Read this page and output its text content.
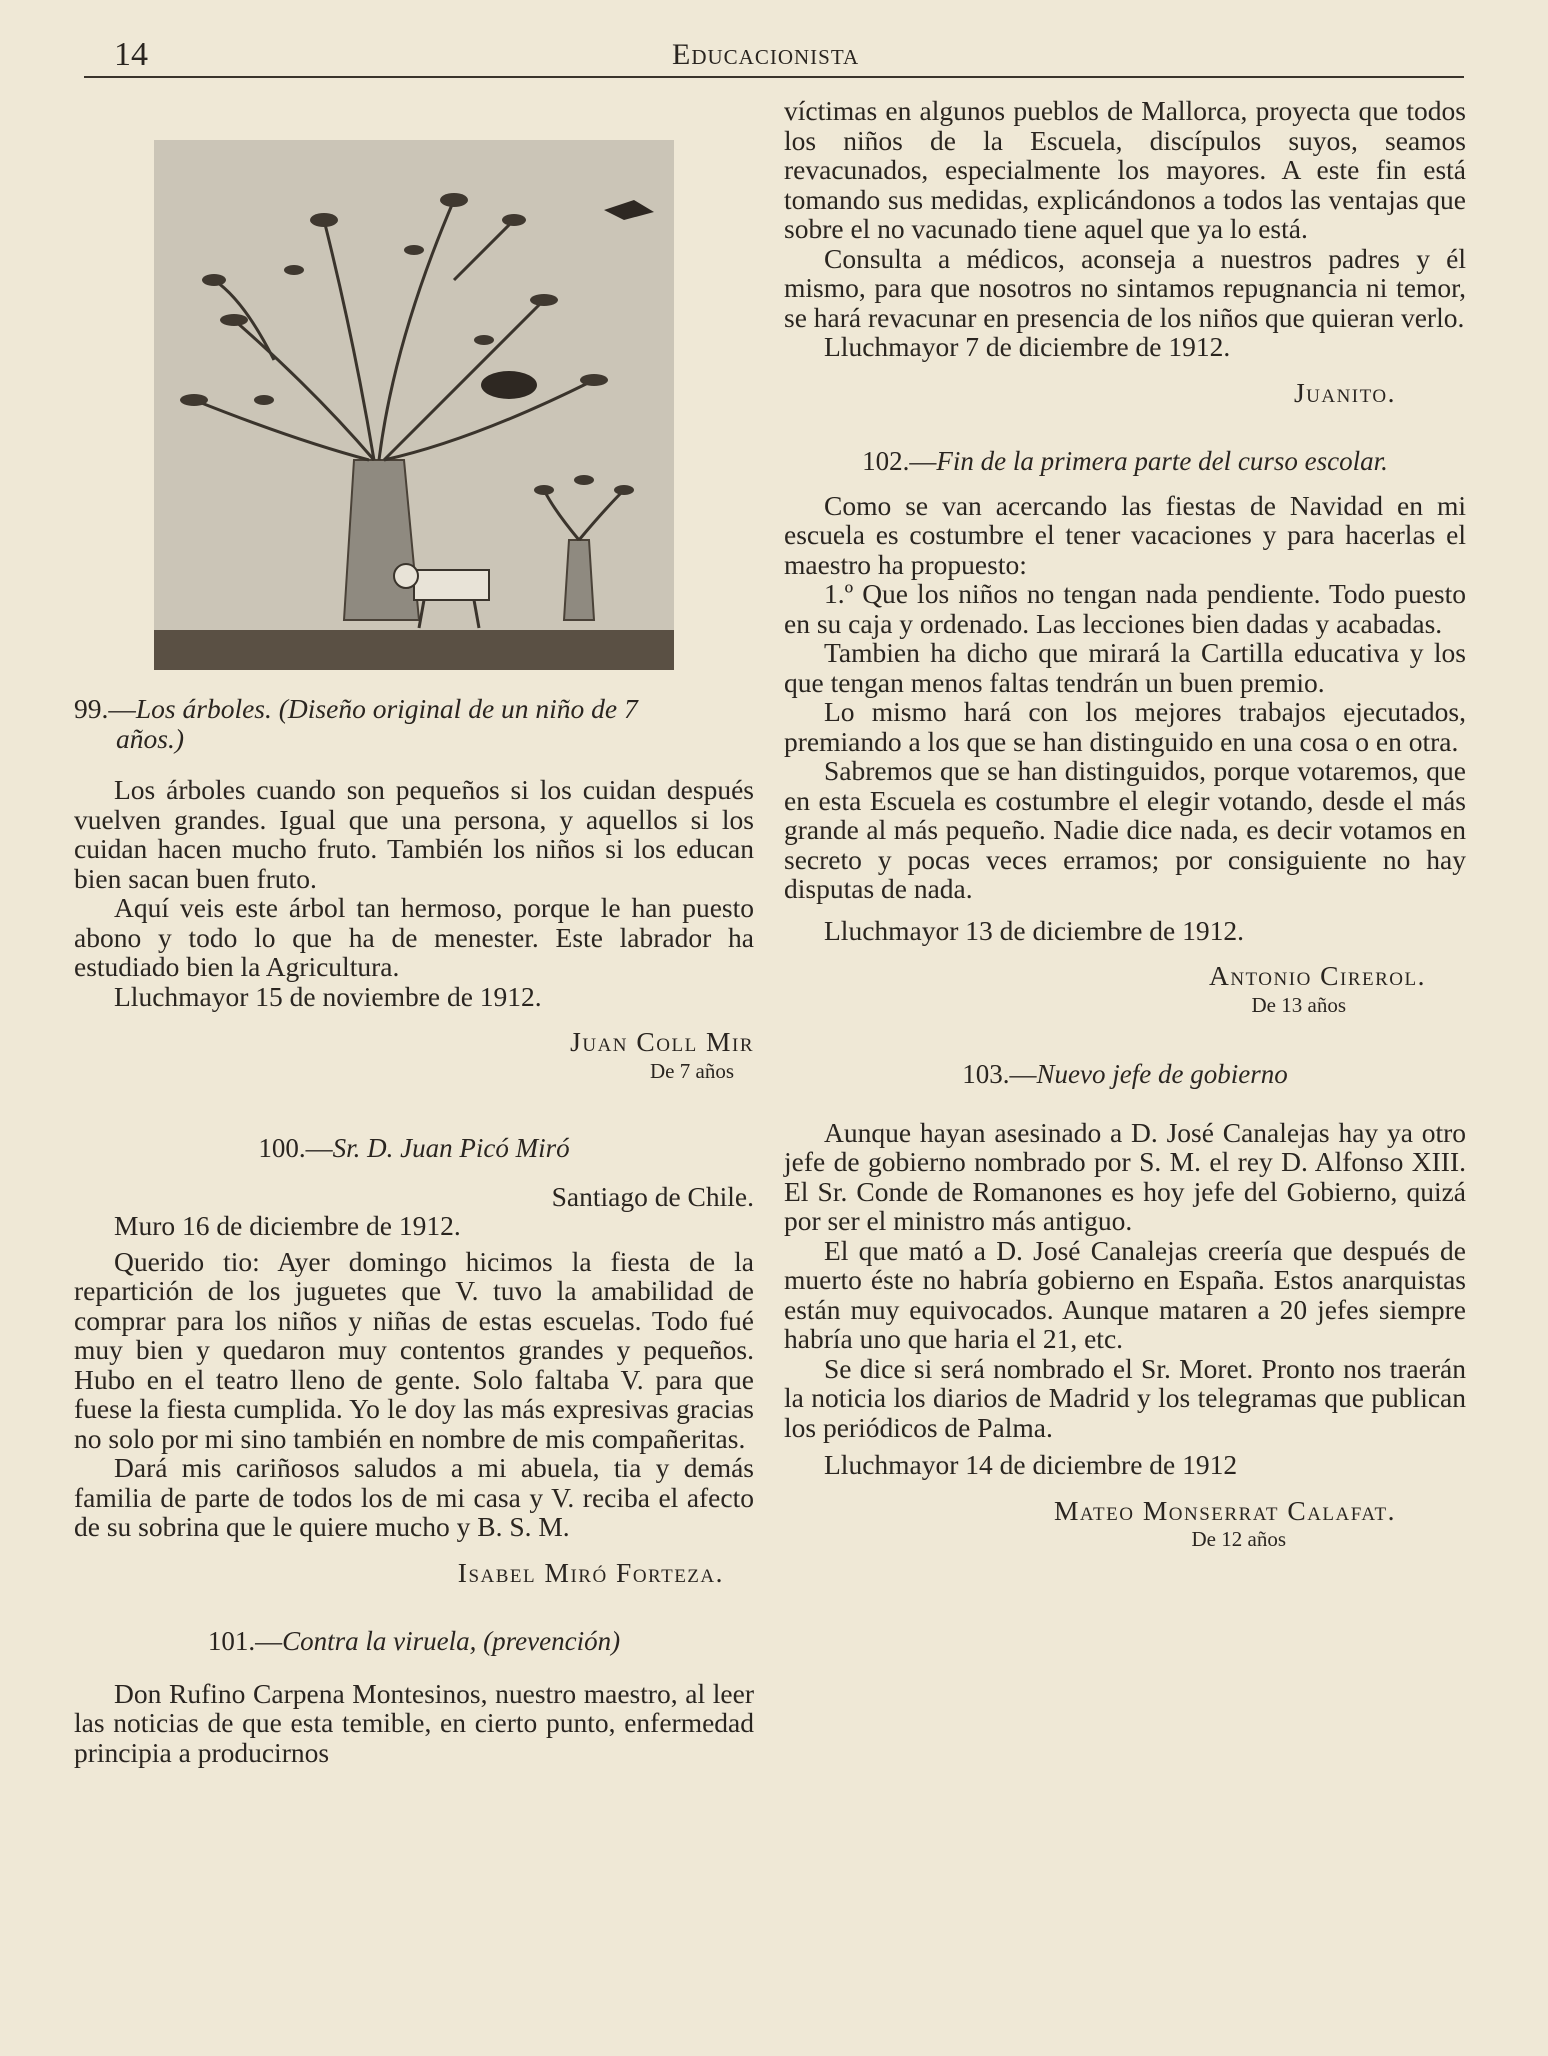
14	Educacionista

99.—Los árboles. (Diseño original de un niño de 7

años.)

Los árboles cuando son pequeños si los cuidan después vuelven grandes. Igual que una persona, y aquellos si los cuidan hacen mucho fruto. También los niños si los educan bien sacan buen fruto.

Aquí veis este árbol tan hermoso, porque le han puesto abono y todo lo que ha de menester. Este labrador ha estudiado bien la Agricultura.

Lluchmayor 15 de noviembre de 1912.

Juan Coll Mir

De 7 años

100.—Sr. D. Juan Picó Miró

Santiago de Chile.

Muro 16 de diciembre de 1912.

Querido tio: Ayer domingo hicimos la fiesta de la repartición de los juguetes que V. tuvo la amabilidad de comprar para los niños y niñas de estas escuelas. Todo fué muy bien y quedaron muy contentos grandes y pequeños. Hubo en el teatro lleno de gente. Solo faltaba V. para que fuese la fiesta cumplida. Yo le doy las más expresivas gracias no solo por mi sino también en nombre de mis compañeritas.

Dará mis cariñosos saludos a mi abuela, tia y demás familia de parte de todos los de mi casa y V. reciba el afecto de su sobrina que le quiere mucho y B. S. M.

Isabel Miró Forteza.

101.—Contra la viruela, (prevención)

Don Rufino Carpena Montesinos, nuestro maestro, al leer las noticias de que esta temible, en cierto punto, enfermedad principia a producirnos

víctimas en algunos pueblos de Mallorca, proyecta que todos los niños de la Escuela, discípulos suyos, seamos revacunados, especialmente los mayores. A este fin está tomando sus medidas, explicándonos a todos las ventajas que sobre el no vacunado tiene aquel que ya lo está.

Consulta a médicos, aconseja a nuestros padres y él mismo, para que nosotros no sintamos repugnancia ni temor, se hará revacunar en presencia de los niños que quieran verlo.

Lluchmayor 7 de diciembre de 1912.

Juanito.

102.—Fin de la primera parte del curso escolar.

Como se van acercando las fiestas de Navidad en mi escuela es costumbre el tener vacaciones y para hacerlas el maestro ha propuesto:

1.º Que los niños no tengan nada pendiente. Todo puesto en su caja y ordenado. Las lecciones bien dadas y acabadas.

Tambien ha dicho que mirará la Cartilla educativa y los que tengan menos faltas tendrán un buen premio.

Lo mismo hará con los mejores trabajos ejecutados, premiando a los que se han distinguido en una cosa o en otra.

Sabremos que se han distinguidos, porque votaremos, que en esta Escuela es costumbre el elegir votando, desde el más grande al más pequeño. Nadie dice nada, es decir votamos en secreto y pocas veces erramos; por consiguiente no hay disputas de nada.

Lluchmayor 13 de diciembre de 1912.

Antonio Cirerol.

De 13 años

103.—Nuevo jefe de gobierno

Aunque hayan asesinado a D. José Canalejas hay ya otro jefe de gobierno nombrado por S. M. el rey D. Alfonso XIII. El Sr. Conde de Romanones es hoy jefe del Gobierno, quizá por ser el ministro más antiguo.

El que mató a D. José Canalejas creería que después de muerto éste no habría gobierno en España. Estos anarquistas están muy equivocados. Aunque mataren a 20 jefes siempre habría uno que haria el 21, etc.

Se dice si será nombrado el Sr. Moret. Pronto nos traerán la noticia los diarios de Madrid y los telegramas que publican los periódicos de Palma.

Lluchmayor 14 de diciembre de 1912

Mateo Monserrat Calafat.

De 12 años
